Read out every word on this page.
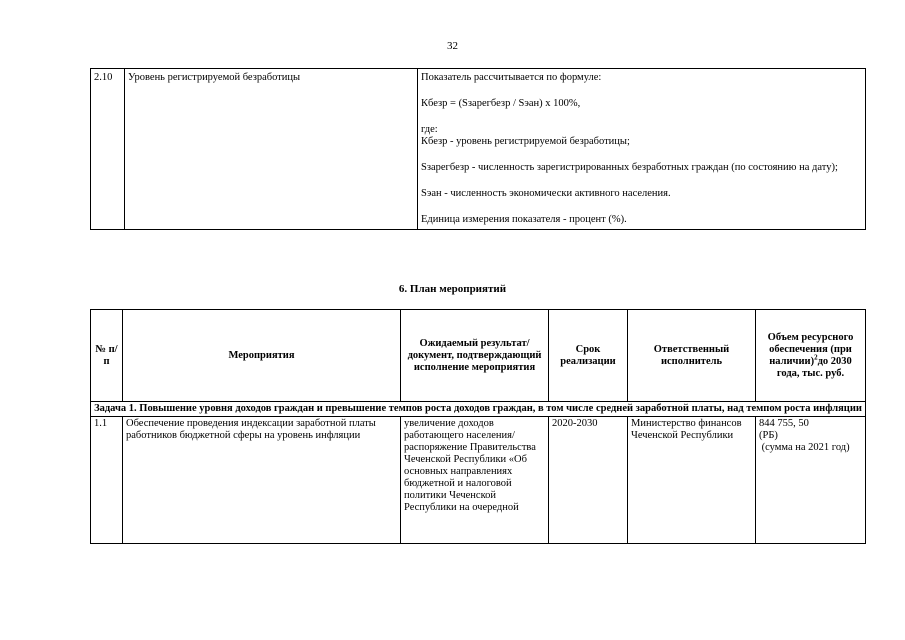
32
2.10	Уровень регистрируемой безработицы	Показатель рассчитывается по формуле:

Кбезр = (Sзарегбезр / Sэан) х 100%,

где:

Кбезр - уровень регистрируемой безработицы;

Sзарегбезр - численность зарегистрированных безработных граждан (по состоянию на дату);

Sэан - численность экономически активного населения.

Единица измерения показателя - процент (%).

6. План мероприятий
№ п/п	Мероприятия	Ожидаемый результат/ документ, подтверждающий исполнение мероприятия	Срок реализации	Ответственный исполнитель	Объем ресурсного обеспечения (при наличии)$^2$до 2030 года, тыс. руб.
Задача 1. Повышение уровня доходов граждан и превышение темпов роста доходов граждан, в том числе средней заработной платы, над темпом роста инфляции					
1.1	Обеспечение проведения индексации заработной платы работников бюджетной сферы на уровень инфляции	увеличение доходов работающего населения/ распоряжение Правительства Чеченской Республики «Об основных направлениях бюджетной и налоговой политики Чеченской Республики на очередной	2020-2030	Министерство финансов Чеченской Республики	844 755, 50
(РБ)
(сумма на 2021 год)
